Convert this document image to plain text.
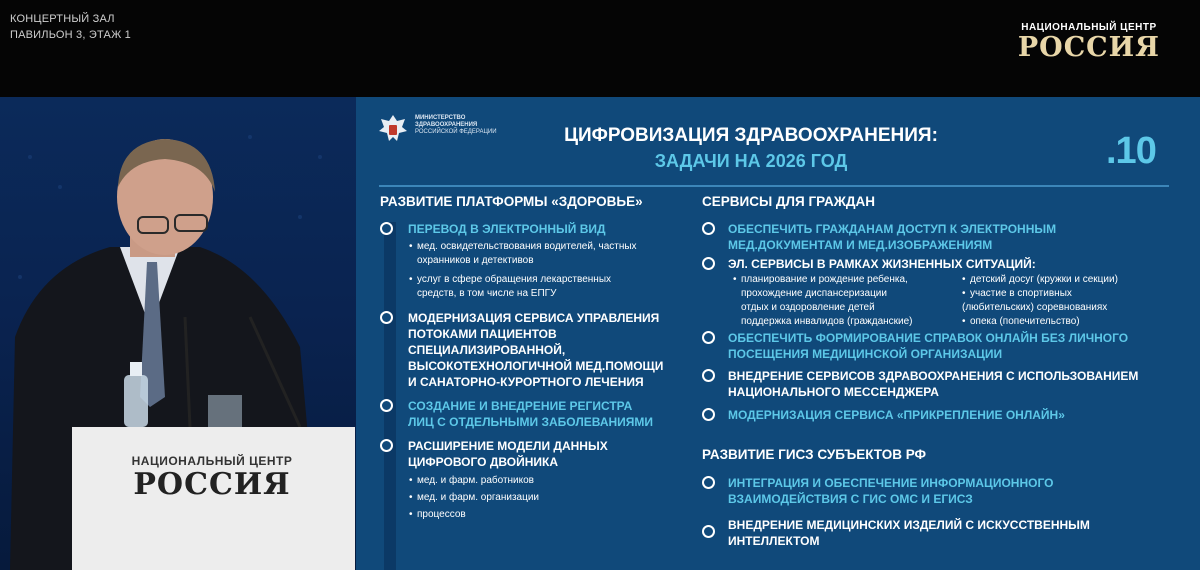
КОНЦЕРТНЫЙ ЗАЛ
ПАВИЛЬОН 3, ЭТАЖ 1
НАЦИОНАЛЬНЫЙ ЦЕНТР
РОССИЯ
НАЦИОНАЛЬНЫЙ ЦЕНТР
РОССИЯ
МИНИСТЕРСТВО
ЗДРАВООХРАНЕНИЯ
РОССИЙСКОЙ ФЕДЕРАЦИИ	ЦИФРОВИЗАЦИЯ ЗДРАВООХРАНЕНИЯ:
ЗАДАЧИ НА 2026 ГОД	.10
РАЗВИТИЕ ПЛАТФОРМЫ «ЗДОРОВЬЕ»
ПЕРЕВОД В ЭЛЕКТРОННЫЙ ВИД
• мед. освидетельствования водителей, частных
охранников и детективов
• услуг в сфере обращения лекарственных
средств, в том числе на ЕПГУ
МОДЕРНИЗАЦИЯ СЕРВИСА УПРАВЛЕНИЯ
ПОТОКАМИ ПАЦИЕНТОВ
СПЕЦИАЛИЗИРОВАННОЙ,
ВЫСОКОТЕХНОЛОГИЧНОЙ МЕД.ПОМОЩИ
И САНАТОРНО-КУРОРТНОГО ЛЕЧЕНИЯ
СОЗДАНИЕ И ВНЕДРЕНИЕ РЕГИСТРА
ЛИЦ С ОТДЕЛЬНЫМИ ЗАБОЛЕВАНИЯМИ
РАСШИРЕНИЕ МОДЕЛИ ДАННЫХ
ЦИФРОВОГО ДВОЙНИКА
• мед. и фарм. работников
• мед. и фарм. организации
• процессов
СЕРВИСЫ ДЛЯ ГРАЖДАН
ОБЕСПЕЧИТЬ ГРАЖДАНАМ ДОСТУП К ЭЛЕКТРОННЫМ
МЕД.ДОКУМЕНТАМ И МЕД.ИЗОБРАЖЕНИЯМ
ЭЛ. СЕРВИСЫ В РАМКАХ ЖИЗНЕННЫХ СИТУАЦИЙ:
• планирование и рождение ребенка,
прохождение диспансеризации
отдых и оздоровление детей
поддержка инвалидов (гражданские)
• детский досуг (кружки и секции)
• участие в спортивных
(любительских) соревнованиях
• опека (попечительство)
ОБЕСПЕЧИТЬ ФОРМИРОВАНИЕ СПРАВОК ОНЛАЙН БЕЗ ЛИЧНОГО
ПОСЕЩЕНИЯ МЕДИЦИНСКОЙ ОРГАНИЗАЦИИ
ВНЕДРЕНИЕ СЕРВИСОВ ЗДРАВООХРАНЕНИЯ С ИСПОЛЬЗОВАНИЕМ
НАЦИОНАЛЬНОГО МЕССЕНДЖЕРА
МОДЕРНИЗАЦИЯ СЕРВИСА «ПРИКРЕПЛЕНИЕ ОНЛАЙН»
РАЗВИТИЕ ГИСЗ СУБЪЕКТОВ РФ
ИНТЕГРАЦИЯ И ОБЕСПЕЧЕНИЕ ИНФОРМАЦИОННОГО
ВЗАИМОДЕЙСТВИЯ С ГИС ОМС И ЕГИСЗ
ВНЕДРЕНИЕ МЕДИЦИНСКИХ ИЗДЕЛИЙ С ИСКУССТВЕННЫМ
ИНТЕЛЛЕКТОМ
